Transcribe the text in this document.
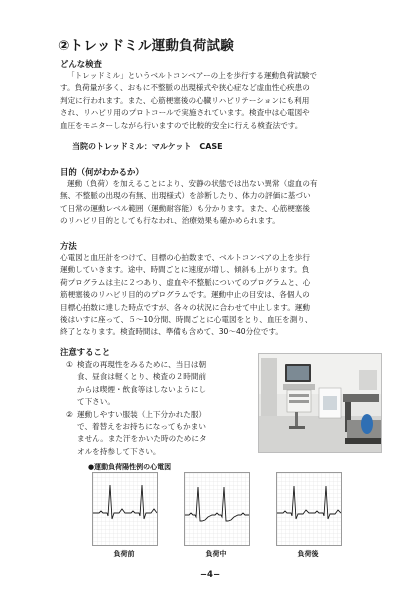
②トレッドミル運動負荷試験
どんな検査
「トレッドミル」というベルトコンベアーの上を歩行する運動負荷試験で
す。負荷量が多く、おもに不整脈の出現様式や狭心症など虚血性心疾患の
判定に行われます。また、心筋梗塞後の心臓リハビリテーションにも利用
され、リハビリ用のプロトコールで実施されています。検査中は心電図や
血圧をモニターしながら行いますので比較的安全に行える検査法です。
当院のトレッドミル：マルケット　CASE
目的（何がわかるか）
運動（負荷）を加えることにより、安静の状態では出ない異常（虚血の有
無、不整脈の出現の有無、出現様式）を診断したり、体力の評価に基づい
て日常の運動レベル範囲（運動耐容能）も分かります。また、心筋梗塞後
のリハビリ目的としても行なわれ、治療効果も確かめられます。
方法
心電図と血圧計をつけて、目標の心拍数まで、ベルトコンベアの上を歩行
運動していきます。途中、時間ごとに速度が増し、傾斜も上がります。負
荷プログラムは主に２つあり、虚血や不整脈についてのプログラムと、心
筋梗塞後のリハビリ目的のプログラムです。運動中止の目安は、各個人の
目標心拍数に達した時点ですが、各々の状況に合わせて中止します。運動
後はいすに座って、５～10分間、時間ごとに心電図をとり、血圧を測り、
終了となります。検査時間は、準備も含めて、30～40分位です。
注意すること
① 検査の再現性をみるために、当日は朝
食、昼食は軽くとり、検査の２時間前
からは喫煙・飲食等はしないようにし
て下さい。
② 運動しやすい服装（上下分かれた服）
で、着替えをお持ちになってもかまい
ません。また汗をかいた時のためにタ
オルを持参して下さい。
●運動負荷陽性例の心電図
負荷前	負荷中	負荷後
−4−
